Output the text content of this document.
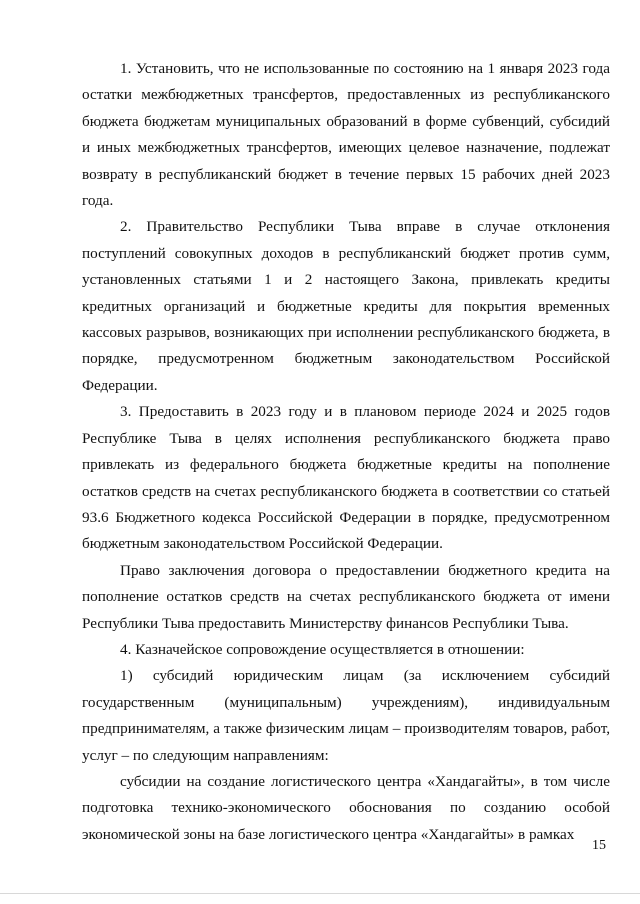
1. Установить, что не использованные по состоянию на 1 января 2023 года остатки межбюджетных трансфертов, предоставленных из республиканского бюджета бюджетам муниципальных образований в форме субвенций, субсидий и иных межбюджетных трансфертов, имеющих целевое назначение, подлежат возврату в республиканский бюджет в течение первых 15 рабочих дней 2023 года.

2. Правительство Республики Тыва вправе в случае отклонения поступлений совокупных доходов в республиканский бюджет против сумм, установленных статьями 1 и 2 настоящего Закона, привлекать кредиты кредитных организаций и бюджетные кредиты для покрытия временных кассовых разрывов, возникающих при исполнении республиканского бюджета, в порядке, предусмотренном бюджетным законодательством Российской Федерации.

3. Предоставить в 2023 году и в плановом периоде 2024 и 2025 годов Республике Тыва в целях исполнения республиканского бюджета право привлекать из федерального бюджета бюджетные кредиты на пополнение остатков средств на счетах республиканского бюджета в соответствии со статьей 93.6 Бюджетного кодекса Российской Федерации в порядке, предусмотренном бюджетным законодательством Российской Федерации.

Право заключения договора о предоставлении бюджетного кредита на пополнение остатков средств на счетах республиканского бюджета от имени Республики Тыва предоставить Министерству финансов Республики Тыва.

4. Казначейское сопровождение осуществляется в отношении:

1) субсидий юридическим лицам (за исключением субсидий государственным (муниципальным) учреждениям), индивидуальным предпринимателям, а также физическим лицам – производителям товаров, работ, услуг – по следующим направлениям:

субсидии на создание логистического центра «Хандагайты», в том числе подготовка технико-экономического обоснования по созданию особой экономической зоны на базе логистического центра «Хандагайты» в рамках

15
